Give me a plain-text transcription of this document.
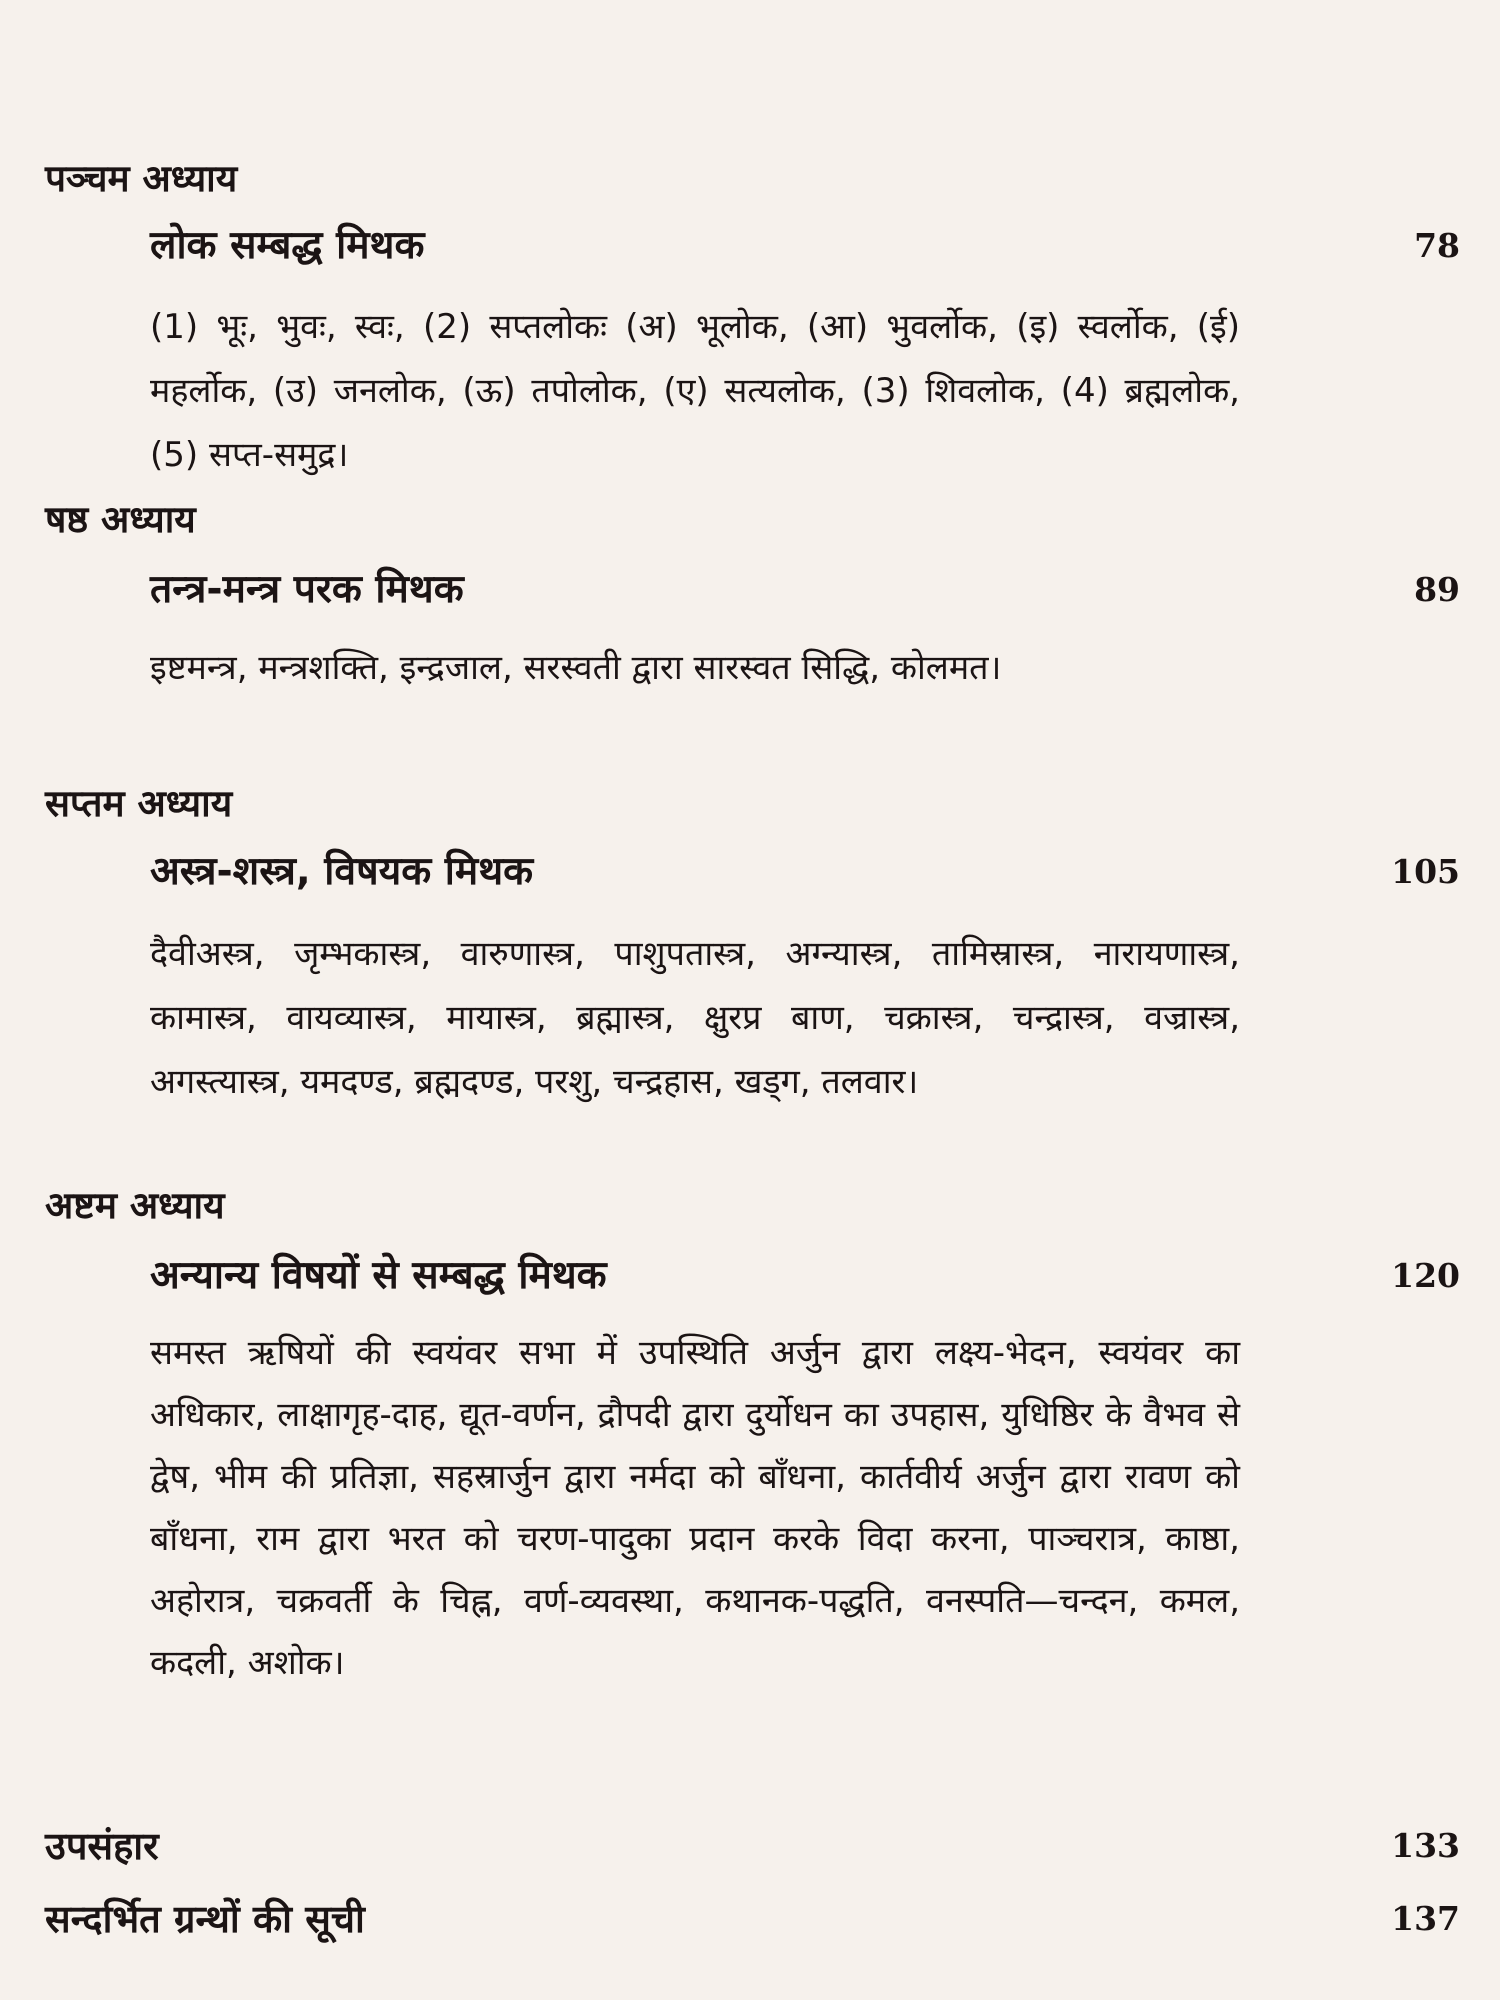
पञ्चम अध्याय
लोक सम्बद्ध मिथक	78
(1) भूः, भुवः, स्वः, (2) सप्तलोकः (अ) भूलोक, (आ) भुवर्लोक, (इ) स्वर्लोक, (ई) महर्लोक, (उ) जनलोक, (ऊ) तपोलोक, (ए) सत्यलोक, (3) शिवलोक, (4) ब्रह्मलोक, (5) सप्त-समुद्र।
षष्ठ अध्याय
तन्त्र-मन्त्र परक मिथक	89
इष्टमन्त्र, मन्त्रशक्ति, इन्द्रजाल, सरस्वती द्वारा सारस्वत सिद्धि, कोलमत।
सप्तम अध्याय
अस्त्र-शस्त्र, विषयक मिथक	105
दैवीअस्त्र, जृम्भकास्त्र, वारुणास्त्र, पाशुपतास्त्र, अग्न्यास्त्र, तामिस्रास्त्र, नारायणास्त्र, कामास्त्र, वायव्यास्त्र, मायास्त्र, ब्रह्मास्त्र, क्षुरप्र बाण, चक्रास्त्र, चन्द्रास्त्र, वज्रास्त्र, अगस्त्यास्त्र, यमदण्ड, ब्रह्मदण्ड, परशु, चन्द्रहास, खड्ग, तलवार।
अष्टम अध्याय
अन्यान्य विषयों से सम्बद्ध मिथक	120
समस्त ऋषियों की स्वयंवर सभा में उपस्थिति अर्जुन द्वारा लक्ष्य-भेदन, स्वयंवर का अधिकार, लाक्षागृह-दाह, द्यूत-वर्णन, द्रौपदी द्वारा दुर्योधन का उपहास, युधिष्ठिर के वैभव से द्वेष, भीम की प्रतिज्ञा, सहस्रार्जुन द्वारा नर्मदा को बाँधना, कार्तवीर्य अर्जुन द्वारा रावण को बाँधना, राम द्वारा भरत को चरण-पादुका प्रदान करके विदा करना, पाञ्चरात्र, काष्ठा, अहोरात्र, चक्रवर्ती के चिह्न, वर्ण-व्यवस्था, कथानक-पद्धति, वनस्पति—चन्दन, कमल, कदली, अशोक।
उपसंहार	133
सन्दर्भित ग्रन्थों की सूची	137
